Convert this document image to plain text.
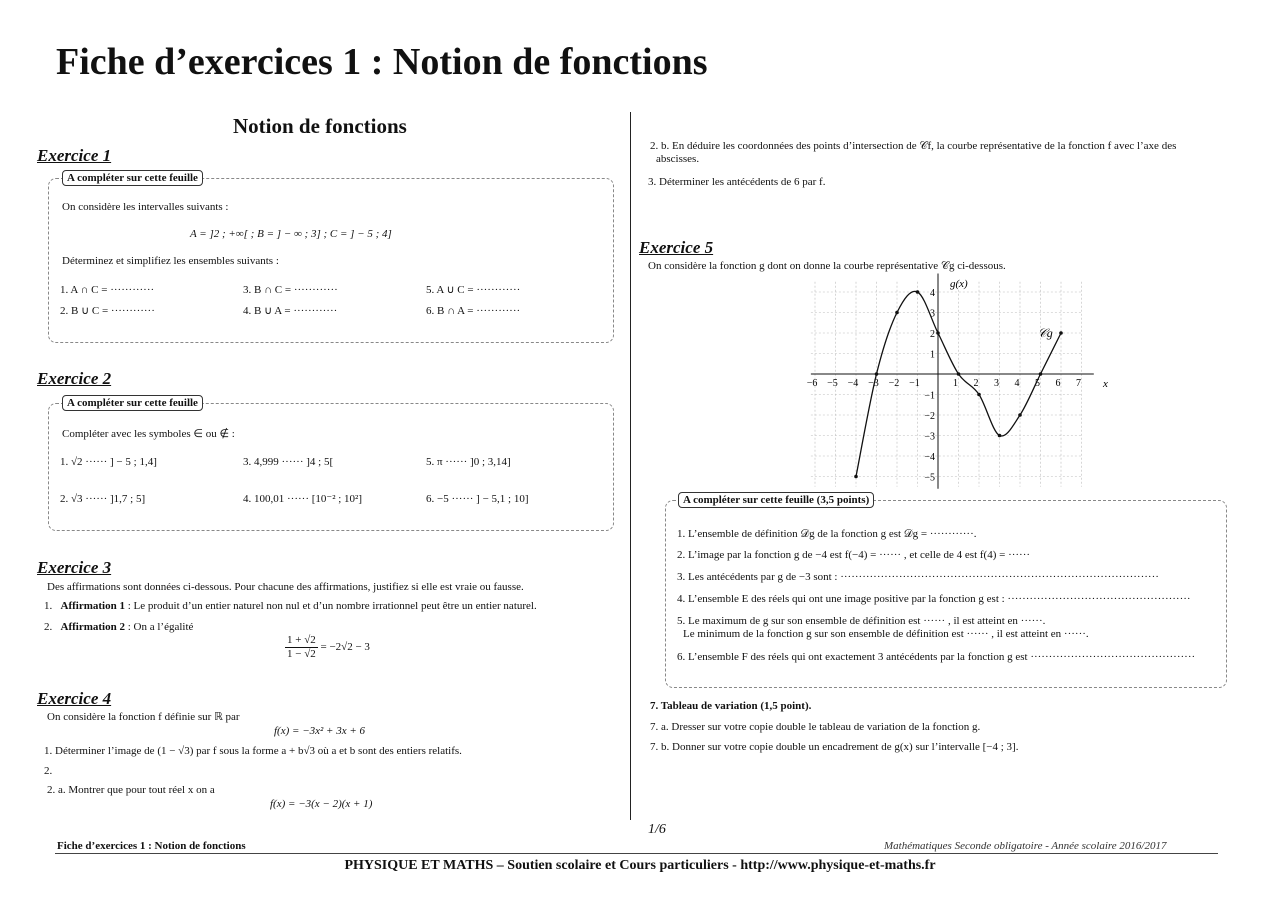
Fiche d’exercices 1 : Notion de fonctions
Notion de fonctions
Exercice 1
A compléter sur cette feuille
On considère les intervalles suivants :
A = ]2 ; +∞[ ; B = ] − ∞ ; 3] ; C = ] − 5 ; 4]
Déterminez et simplifiez les ensembles suivants :
1. A ∩ C = ············	3. B ∩ C = ············	5. A ∪ C = ············
2. B ∪ C = ············	4. B ∪ A = ············	6. B ∩ A = ············
Exercice 2
A compléter sur cette feuille
Compléter avec les symboles ∈ ou ∉ :
1. √2 ······ ] − 5 ; 1,4]	3. 4,999 ······ ]4 ; 5[	5. π ······ ]0 ; 3,14]
2. √3 ······ ]1,7 ; 5]	4. 100,01 ······ [10⁻² ; 10²]	6. −5 ······ ] − 5,1 ; 10]
Exercice 3
Des affirmations sont données ci-dessous. Pour chacune des affirmations, justifiez si elle est vraie ou fausse.
1.   Affirmation 1 : Le produit d’un entier naturel non nul et d’un nombre irrationnel peut être un entier naturel.
2.   Affirmation 2 : On a l’égalité
$\frac{1 + √2}{1 - √2} = -2√2 - 3$
Exercice 4
On considère la fonction f définie sur ℝ par
f(x) = −3x² + 3x + 6
1. Déterminer l’image de (1 − √3) par f sous la forme a + b√3 où a et b sont des entiers relatifs.
2.
2. a. Montrer que pour tout réel x on a
f(x) = −3(x − 2)(x + 1)
2. b. En déduire les coordonnées des points d’intersection de 𝒞f, la courbe représentative de la fonction f avec l’axe des
abscisses.
3. Déterminer les antécédents de 6 par f.
Exercice 5
On considère la fonction g dont on donne la courbe représentative 𝒞g ci-dessous.
−6 −5 −4 −3 −2 −1	1 2 3 4 5 6 7
4
3
2
1
−1
−2
−3
−4
−5
g(x)
x
𝒞g
A compléter sur cette feuille (3,5 points)
1. L’ensemble de définition 𝒟g de la fonction g est 𝒟g = ············.
2. L’image par la fonction g de −4 est f(−4) = ······ , et celle de 4 est f(4) = ······
3. Les antécédents par g de −3 sont : ·······················································································
4. L’ensemble E des réels qui ont une image positive par la fonction g est : ··················································
5. Le maximum de g sur son ensemble de définition est ······ , il est atteint en ······.
Le minimum de la fonction g sur son ensemble de définition est ······ , il est atteint en ······.
6. L’ensemble F des réels qui ont exactement 3 antécédents par la fonction g est ·············································
7. Tableau de variation (1,5 point).
7. a. Dresser sur votre copie double le tableau de variation de la fonction g.
7. b. Donner sur votre copie double un encadrement de g(x) sur l’intervalle [−4 ; 3].
1/6
Fiche d’exercices 1 : Notion de fonctions	Mathématiques Seconde obligatoire - Année scolaire 2016/2017
PHYSIQUE ET MATHS – Soutien scolaire et Cours particuliers - http://www.physique-et-maths.fr
